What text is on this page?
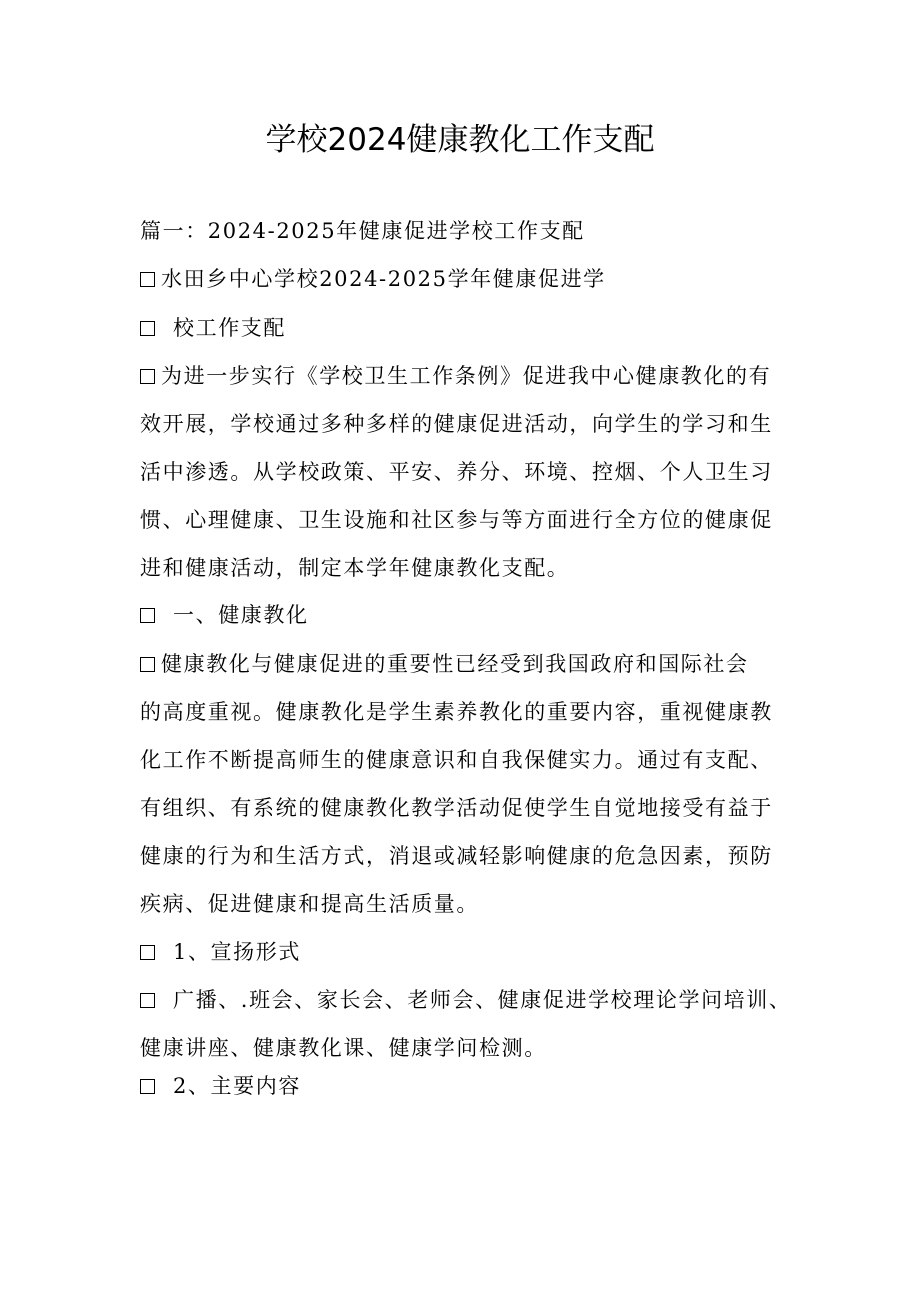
学校2024健康教化工作支配
篇一：2024-2025年健康促进学校工作支配
水田乡中心学校2024-2025学年健康促进学
校工作支配
为进一步实行《学校卫生工作条例》促进我中心健康教化的有
效开展，学校通过多种多样的健康促进活动，向学生的学习和生
活中渗透。从学校政策、平安、养分、环境、控烟、个人卫生习
惯、心理健康、卫生设施和社区参与等方面进行全方位的健康促
进和健康活动，制定本学年健康教化支配。
一、健康教化
健康教化与健康促进的重要性已经受到我国政府和国际社会
的高度重视。健康教化是学生素养教化的重要内容，重视健康教
化工作不断提高师生的健康意识和自我保健实力。通过有支配、
有组织、有系统的健康教化教学活动促使学生自觉地接受有益于
健康的行为和生活方式，消退或减轻影响健康的危急因素，预防
疾病、促进健康和提高生活质量。
1、宣扬形式
广播、.班会、家长会、老师会、健康促进学校理论学问培训、
健康讲座、健康教化课、健康学问检测。
2、主要内容
